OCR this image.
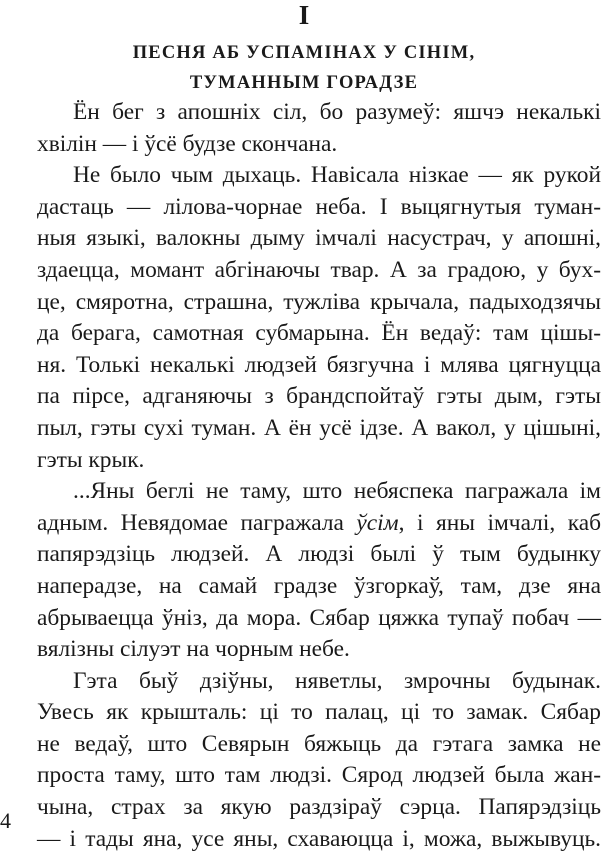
I
ПЕСНЯ АБ УСПАМІНАХ У СІНІМ,
ТУМАННЫМ ГОРАДЗЕ

Ён бег з апошніх сіл, бо разумеў: яшчэ некалькі
хвілін — і ўсё будзе скончана.

Не было чым дыхаць. Навісала нізкае — як рукой
дастаць — лілова-чорнае неба. І выцягнутыя туман-
ныя языкі, валокны дыму імчалі насустрач, у апошні,
здаецца, момант абгінаючы твар. А за градою, у бух-
це, смяротна, страшна, тужліва крычала, падыходзячы
да берага, самотная субмарына. Ён ведаў: там цішы-
ня. Толькі некалькі людзей бязгучна і млява цягнуцца
па пірсе, адганяючы з брандспойтаў гэты дым, гэты
пыл, гэты сухі туман. А ён усё ідзе. А вакол, у цішыні,
гэты крык.

...Яны беглі не таму, што небяспека пагражала ім
адным. Невядомае пагражала ўсім, і яны імчалі, каб
папярэдзіць людзей. А людзі былі ў тым будынку
наперадзе, на самай градзе ўзгоркаў, там, дзе яна
абрываецца ўніз, да мора. Сябар цяжка тупаў побач —
вялізны сілуэт на чорным небе.

Гэта быў дзіўны, няветлы, змрочны будынак.
Увесь як крышталь: ці то палац, ці то замак. Сябар
не ведаў, што Севярын бяжыць да гэтага замка не
проста таму, што там людзі. Сярод людзей была жан-
чына, страх за якую раздзіраў сэрца. Папярэдзіць
— і тады яна, усе яны, схаваюцца і, можа, выжывуць.

4
